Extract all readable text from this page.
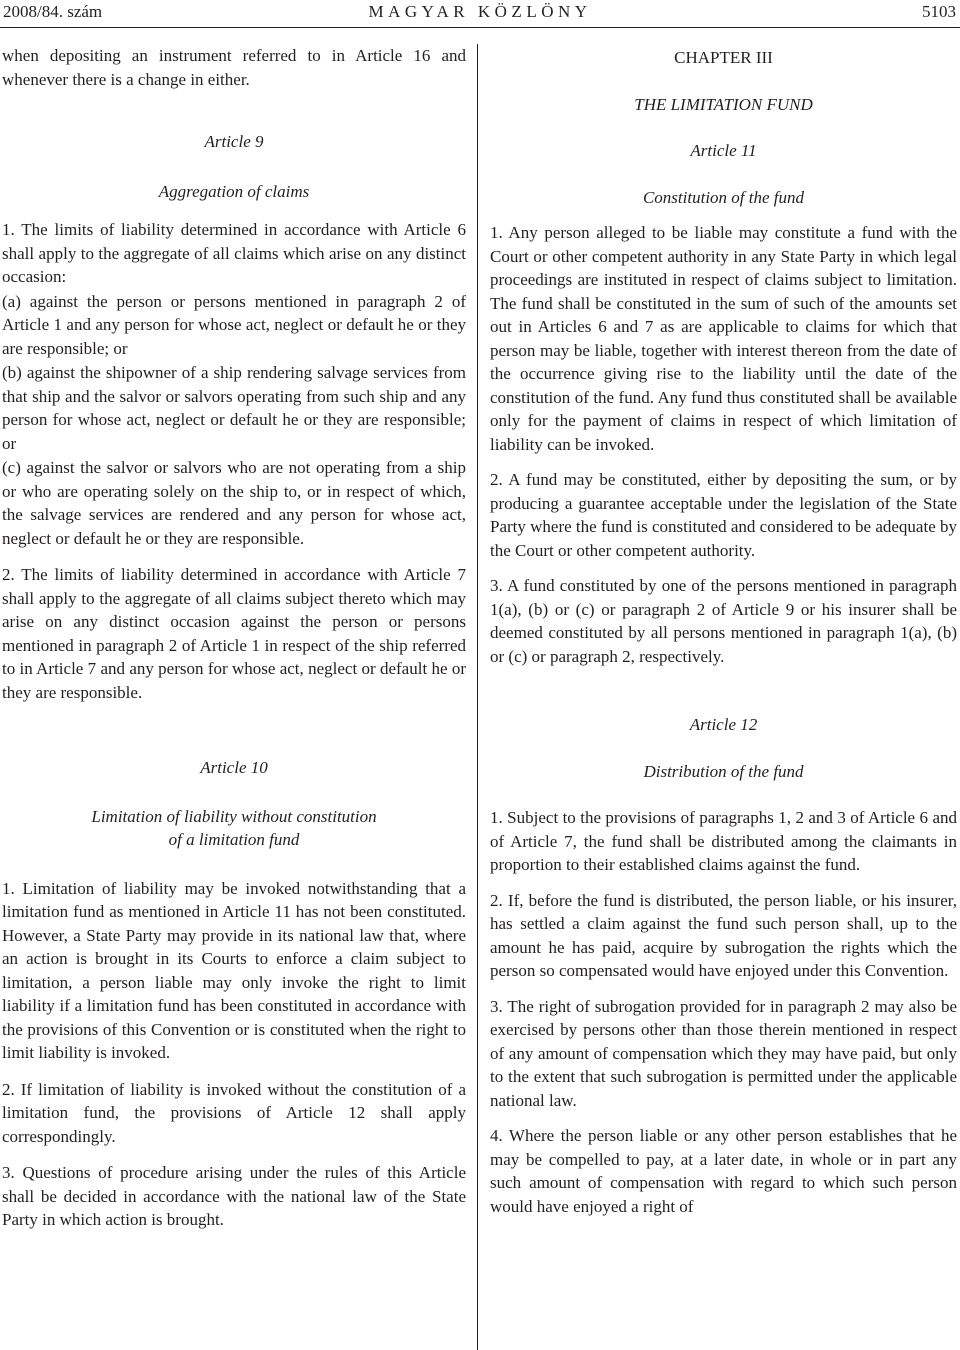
2008/84. szám	MAGYAR KÖZLÖNY	5103

when depositing an instrument referred to in Article 16 and whenever there is a change in either.

Article 9

Aggregation of claims

1. The limits of liability determined in accordance with Article 6 shall apply to the aggregate of all claims which arise on any distinct occasion:

(a) against the person or persons mentioned in paragraph 2 of Article 1 and any person for whose act, neglect or default he or they are responsible; or

(b) against the shipowner of a ship rendering salvage services from that ship and the salvor or salvors operating from such ship and any person for whose act, neglect or default he or they are responsible; or

(c) against the salvor or salvors who are not operating from a ship or who are operating solely on the ship to, or in respect of which, the salvage services are rendered and any person for whose act, neglect or default he or they are responsible.

2. The limits of liability determined in accordance with Article 7 shall apply to the aggregate of all claims subject thereto which may arise on any distinct occasion against the person or persons mentioned in paragraph 2 of Article 1 in respect of the ship referred to in Article 7 and any person for whose act, neglect or default he or they are responsible.

Article 10

Limitation of liability without constitution
of a limitation fund

1. Limitation of liability may be invoked notwithstanding that a limitation fund as mentioned in Article 11 has not been constituted. However, a State Party may provide in its national law that, where an action is brought in its Courts to enforce a claim subject to limitation, a person liable may only invoke the right to limit liability if a limitation fund has been constituted in accordance with the provisions of this Convention or is constituted when the right to limit liability is invoked.

2. If limitation of liability is invoked without the constitution of a limitation fund, the provisions of Article 12 shall apply correspondingly.

3. Questions of procedure arising under the rules of this Article shall be decided in accordance with the national law of the State Party in which action is brought.

CHAPTER III

THE LIMITATION FUND

Article 11

Constitution of the fund

1. Any person alleged to be liable may constitute a fund with the Court or other competent authority in any State Party in which legal proceedings are instituted in respect of claims subject to limitation. The fund shall be constituted in the sum of such of the amounts set out in Articles 6 and 7 as are applicable to claims for which that person may be liable, together with interest thereon from the date of the occurrence giving rise to the liability until the date of the constitution of the fund. Any fund thus constituted shall be available only for the payment of claims in respect of which limitation of liability can be invoked.

2. A fund may be constituted, either by depositing the sum, or by producing a guarantee acceptable under the legislation of the State Party where the fund is constituted and considered to be adequate by the Court or other competent authority.

3. A fund constituted by one of the persons mentioned in paragraph 1(a), (b) or (c) or paragraph 2 of Article 9 or his insurer shall be deemed constituted by all persons mentioned in paragraph 1(a), (b) or (c) or paragraph 2, respectively.

Article 12

Distribution of the fund

1. Subject to the provisions of paragraphs 1, 2 and 3 of Article 6 and of Article 7, the fund shall be distributed among the claimants in proportion to their established claims against the fund.

2. If, before the fund is distributed, the person liable, or his insurer, has settled a claim against the fund such person shall, up to the amount he has paid, acquire by subrogation the rights which the person so compensated would have enjoyed under this Convention.

3. The right of subrogation provided for in paragraph 2 may also be exercised by persons other than those therein mentioned in respect of any amount of compensation which they may have paid, but only to the extent that such subrogation is permitted under the applicable national law.

4. Where the person liable or any other person establishes that he may be compelled to pay, at a later date, in whole or in part any such amount of compensation with regard to which such person would have enjoyed a right of
